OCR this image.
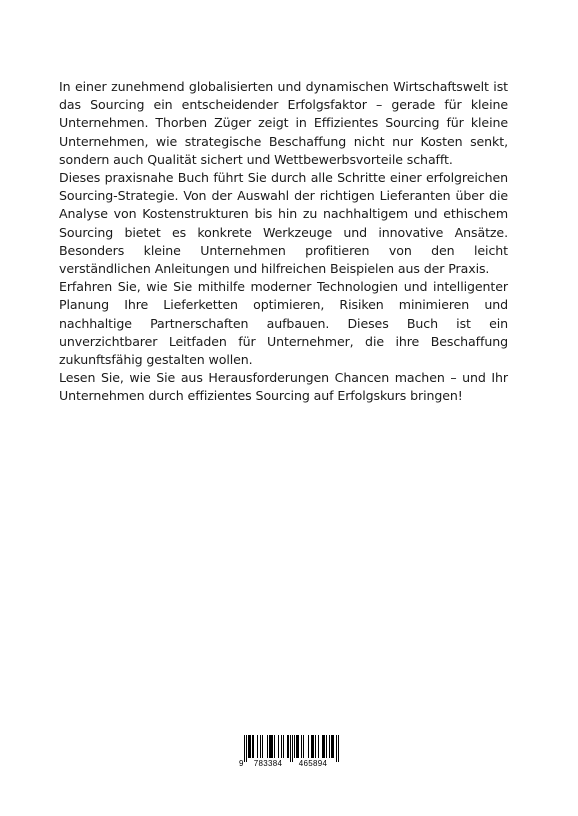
In einer zunehmend globalisierten und dynamischen Wirtschaftswelt ist das Sourcing ein entscheidender Erfolgsfaktor – gerade für kleine Unternehmen. Thorben Züger zeigt in Effizientes Sourcing für kleine Unternehmen, wie strategische Beschaffung nicht nur Kosten senkt, sondern auch Qualität sichert und Wettbewerbsvorteile schafft.

Dieses praxisnahe Buch führt Sie durch alle Schritte einer erfolgreichen Sourcing-Strategie. Von der Auswahl der richtigen Lieferanten über die Analyse von Kostenstrukturen bis hin zu nachhaltigem und ethischem Sourcing bietet es konkrete Werkzeuge und innovative Ansätze. Besonders kleine Unternehmen profitieren von den leicht verständlichen Anleitungen und hilfreichen Beispielen aus der Praxis.

Erfahren Sie, wie Sie mithilfe moderner Technologien und intelligenter Planung Ihre Lieferketten optimieren, Risiken minimieren und nachhaltige Partnerschaften aufbauen. Dieses Buch ist ein unverzichtbarer Leitfaden für Unternehmer, die ihre Beschaffung zukunftsfähig gestalten wollen.

Lesen Sie, wie Sie aus Herausforderungen Chancen machen – und Ihr Unternehmen durch effizientes Sourcing auf Erfolgskurs bringen!

9	783384	465894
